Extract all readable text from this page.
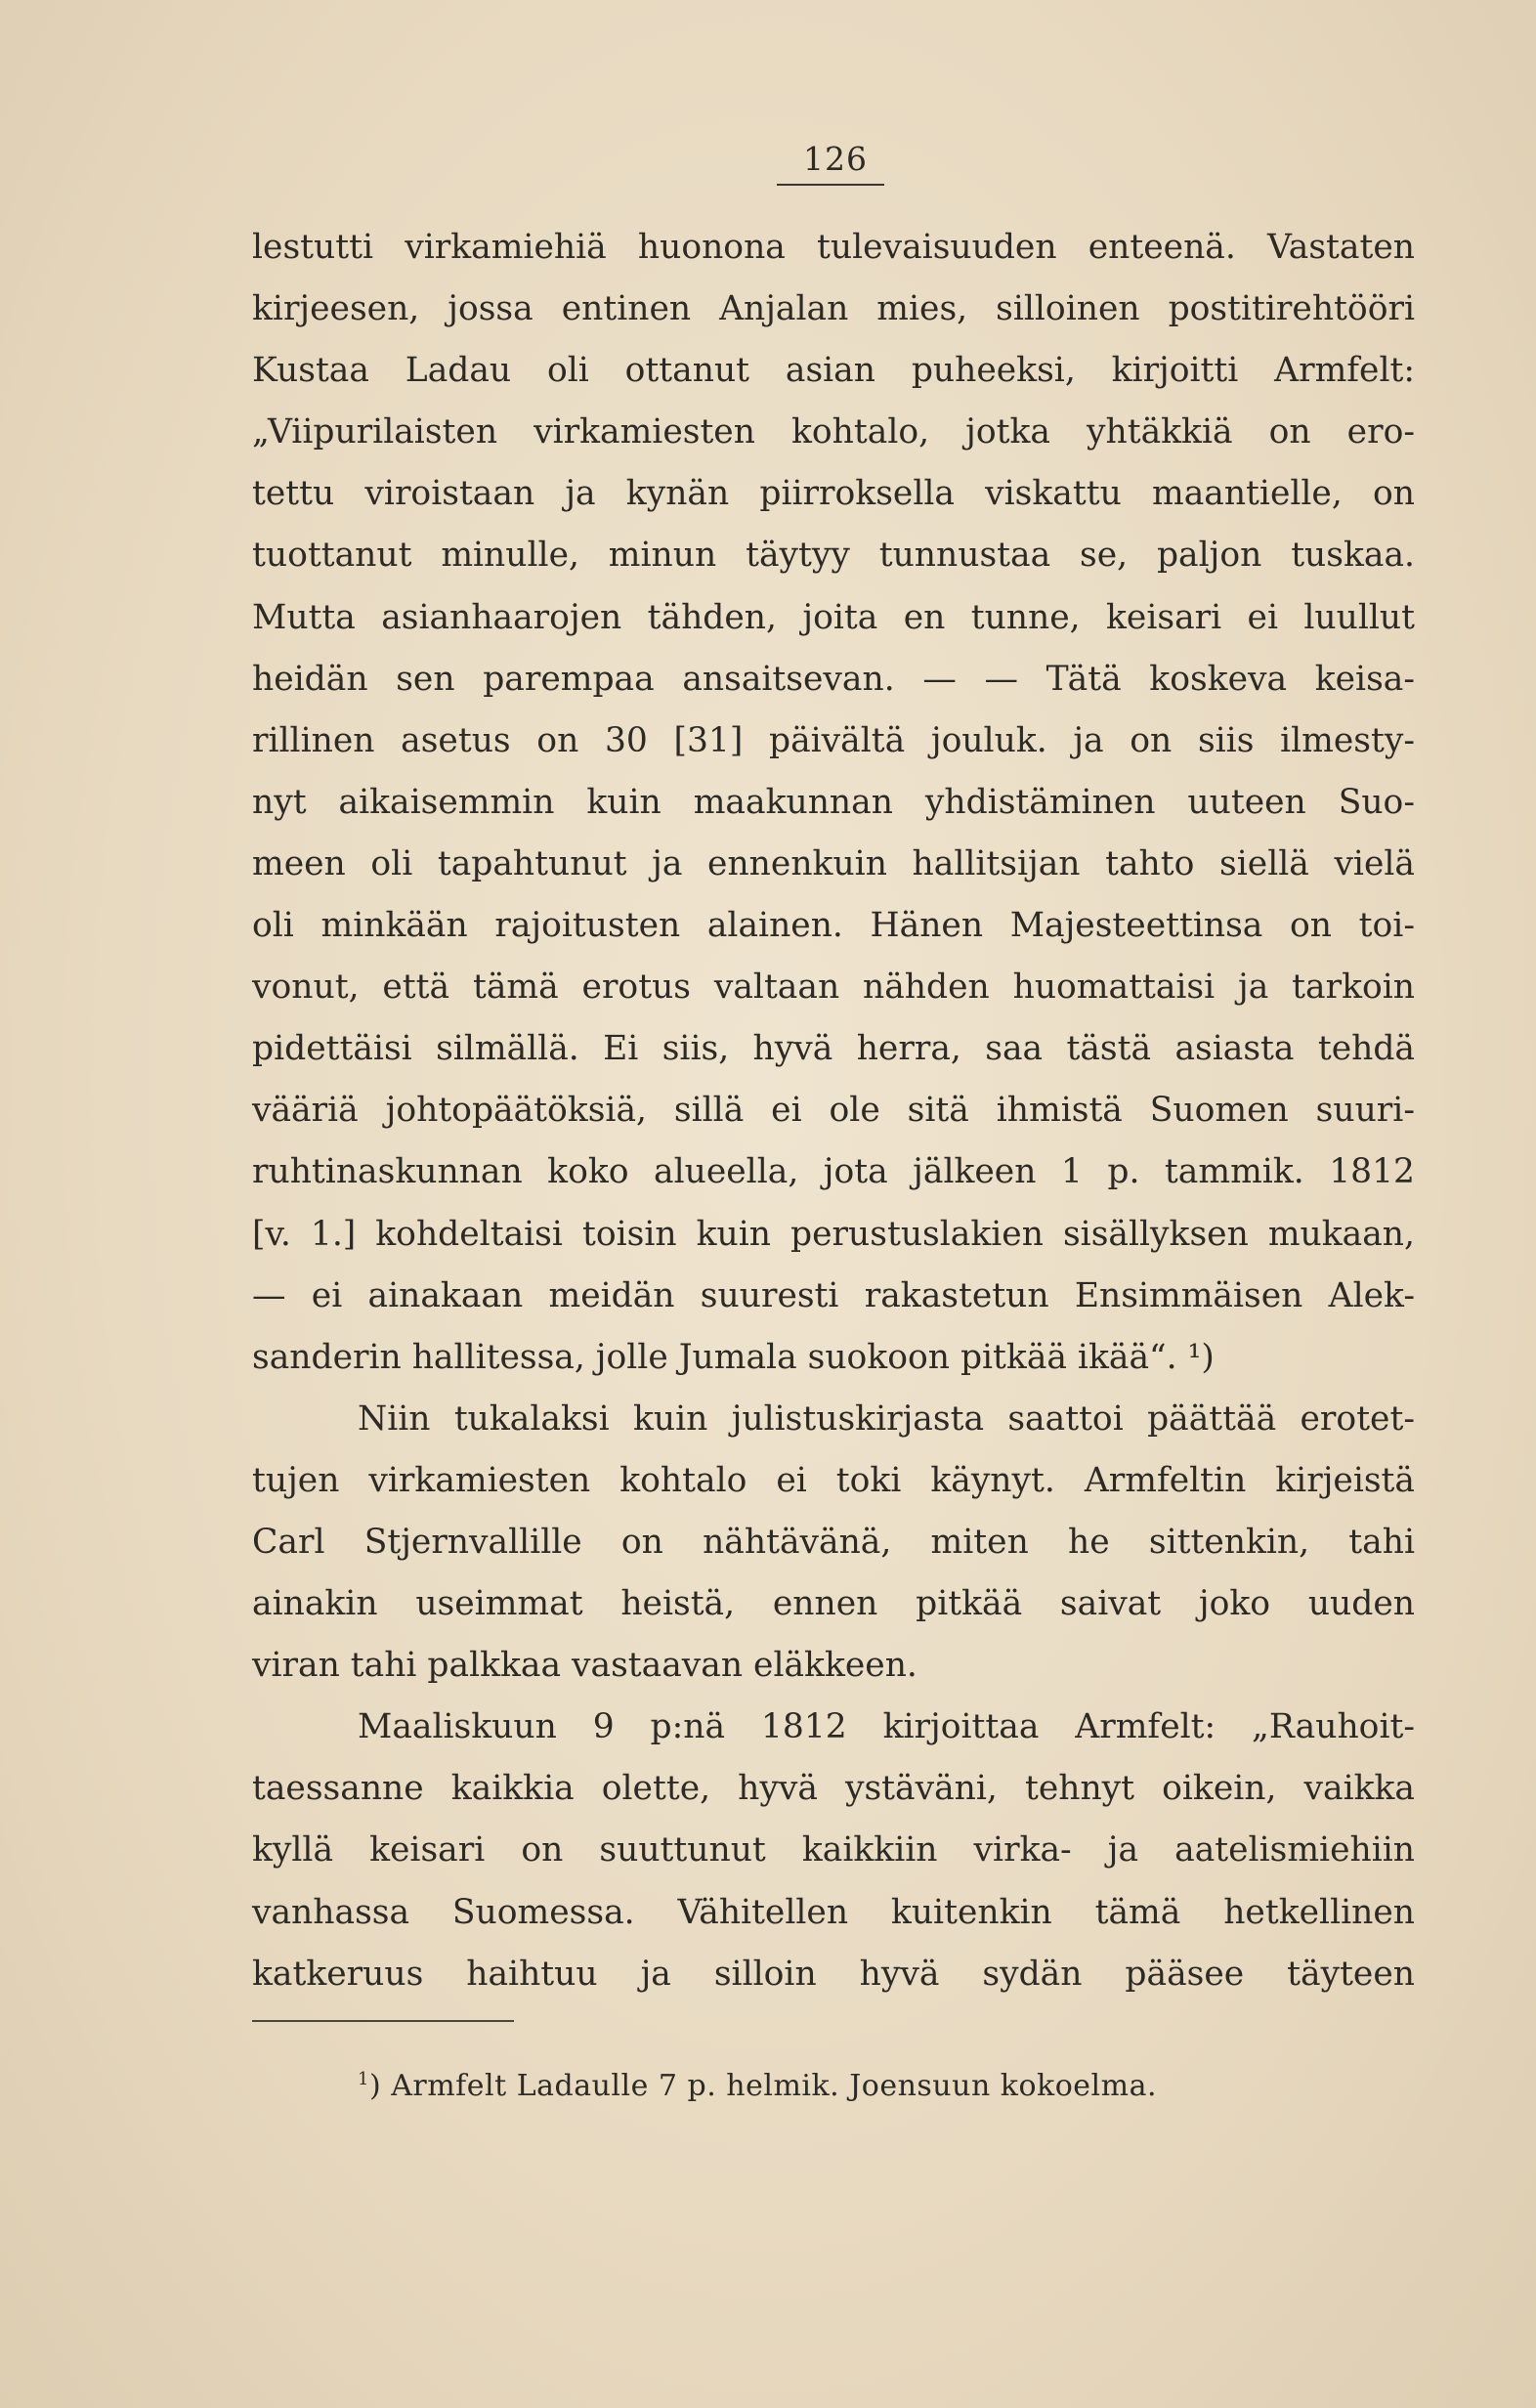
126
lestutti virkamiehiä huonona tulevaisuuden enteenä. Vastaten
kirjeesen, jossa entinen Anjalan mies, silloinen postitirehtööri
Kustaa Ladau oli ottanut asian puheeksi, kirjoitti Armfelt:
„Viipurilaisten virkamiesten kohtalo, jotka yhtäkkiä on ero-
tettu viroistaan ja kynän piirroksella viskattu maantielle, on
tuottanut minulle, minun täytyy tunnustaa se, paljon tuskaa.
Mutta asianhaarojen tähden, joita en tunne, keisari ei luullut
heidän sen parempaa ansaitsevan. — — Tätä koskeva keisa-
rillinen asetus on 30 [31] päivältä jouluk. ja on siis ilmesty-
nyt aikaisemmin kuin maakunnan yhdistäminen uuteen Suo-
meen oli tapahtunut ja ennenkuin hallitsijan tahto siellä vielä
oli minkään rajoitusten alainen. Hänen Majesteettinsa on toi-
vonut, että tämä erotus valtaan nähden huomattaisi ja tarkoin
pidettäisi silmällä. Ei siis, hyvä herra, saa tästä asiasta tehdä
vääriä johtopäätöksiä, sillä ei ole sitä ihmistä Suomen suuri-
ruhtinaskunnan koko alueella, jota jälkeen 1 p. tammik. 1812
[v. 1.] kohdeltaisi toisin kuin perustuslakien sisällyksen mukaan,
— ei ainakaan meidän suuresti rakastetun Ensimmäisen Alek-
sanderin hallitessa, jolle Jumala suokoon pitkää ikää“. ¹)
Niin tukalaksi kuin julistuskirjasta saattoi päättää erotet-
tujen virkamiesten kohtalo ei toki käynyt. Armfeltin kirjeistä
Carl Stjernvallille on nähtävänä, miten he sittenkin, tahi
ainakin useimmat heistä, ennen pitkää saivat joko uuden
viran tahi palkkaa vastaavan eläkkeen.
Maaliskuun 9 p:nä 1812 kirjoittaa Armfelt: „Rauhoit-
taessanne kaikkia olette, hyvä ystäväni, tehnyt oikein, vaikka
kyllä keisari on suuttunut kaikkiin virka- ja aatelismiehiin
vanhassa Suomessa. Vähitellen kuitenkin tämä hetkellinen
katkeruus haihtuu ja silloin hyvä sydän pääsee täyteen
$^1$) Armfelt Ladaulle 7 p. helmik. Joensuun kokoelma.
